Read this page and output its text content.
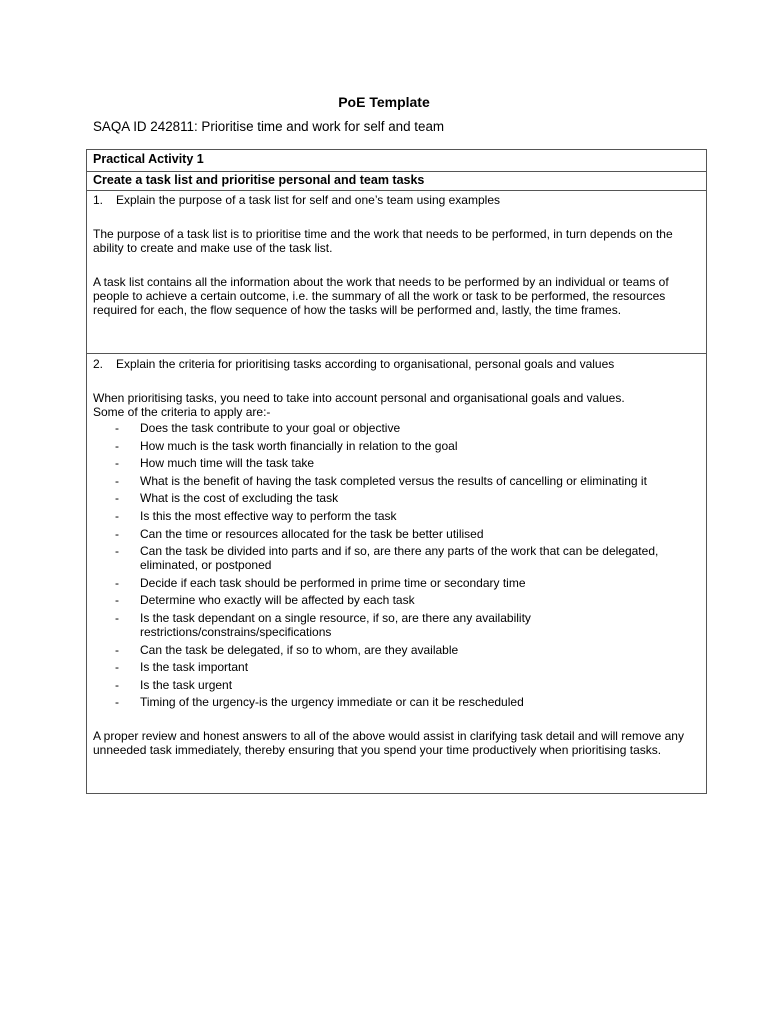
PoE Template

SAQA ID 242811: Prioritise time and work for self and team

Practical Activity 1
Create a task list and prioritise personal and team tasks

1. Explain the purpose of a task list for self and one’s team using examples

The purpose of a task list is to prioritise time and the work that needs to be performed, in turn depends on the ability to create and make use of the task list.

A task list contains all the information about the work that needs to be performed by an individual or teams of people to achieve a certain outcome, i.e. the summary of all the work or task to be performed, the resources required for each, the flow sequence of how the tasks will be performed and, lastly, the time frames.

2. Explain the criteria for prioritising tasks according to organisational, personal goals and values

When prioritising tasks, you need to take into account personal and organisational goals and values.

Some of the criteria to apply are:-

- Does the task contribute to your goal or objective
- How much is the task worth financially in relation to the goal
- How much time will the task take
- What is the benefit of having the task completed versus the results of cancelling or eliminating it
- What is the cost of excluding the task
- Is this the most effective way to perform the task
- Can the time or resources allocated for the task be better utilised
- Can the task be divided into parts and if so, are there any parts of the work that can be delegated, eliminated, or postponed
- Decide if each task should be performed in prime time or secondary time
- Determine who exactly will be affected by each task
- Is the task dependant on a single resource, if so, are there any availability restrictions/constrains/specifications
- Can the task be delegated, if so to whom, are they available
- Is the task important
- Is the task urgent
- Timing of the urgency-is the urgency immediate or can it be rescheduled

A proper review and honest answers to all of the above would assist in clarifying task detail and will remove any unneeded task immediately, thereby ensuring that you spend your time productively when prioritising tasks.
